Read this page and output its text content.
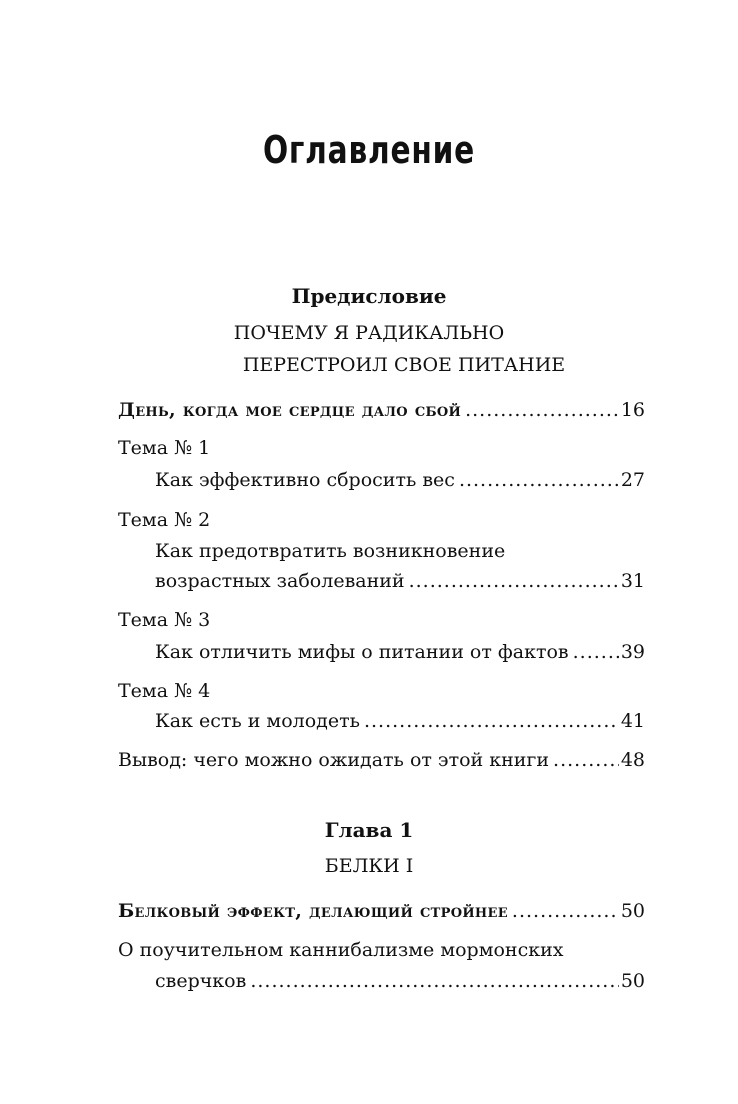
Оглавление
Предисловие
ПОЧЕМУ Я РАДИКАЛЬНО
ПЕРЕСТРОИЛ СВОЕ ПИТАНИЕ
День, когда мое сердце дало сбой .....	16
Тема № 1
Как эффективно сбросить вес .....	27
Тема № 2
Как предотвратить возникновение
возрастных заболеваний .....	31
Тема № 3
Как отличить мифы о питании от фактов .....	39
Тема № 4
Как есть и молодеть .....	41
Вывод: чего можно ожидать от этой книги .....	48
Глава 1
БЕЛКИ I
Белковый эффект, делающий стройнее .....	50
О поучительном каннибализме мормонских
сверчков .....	50
